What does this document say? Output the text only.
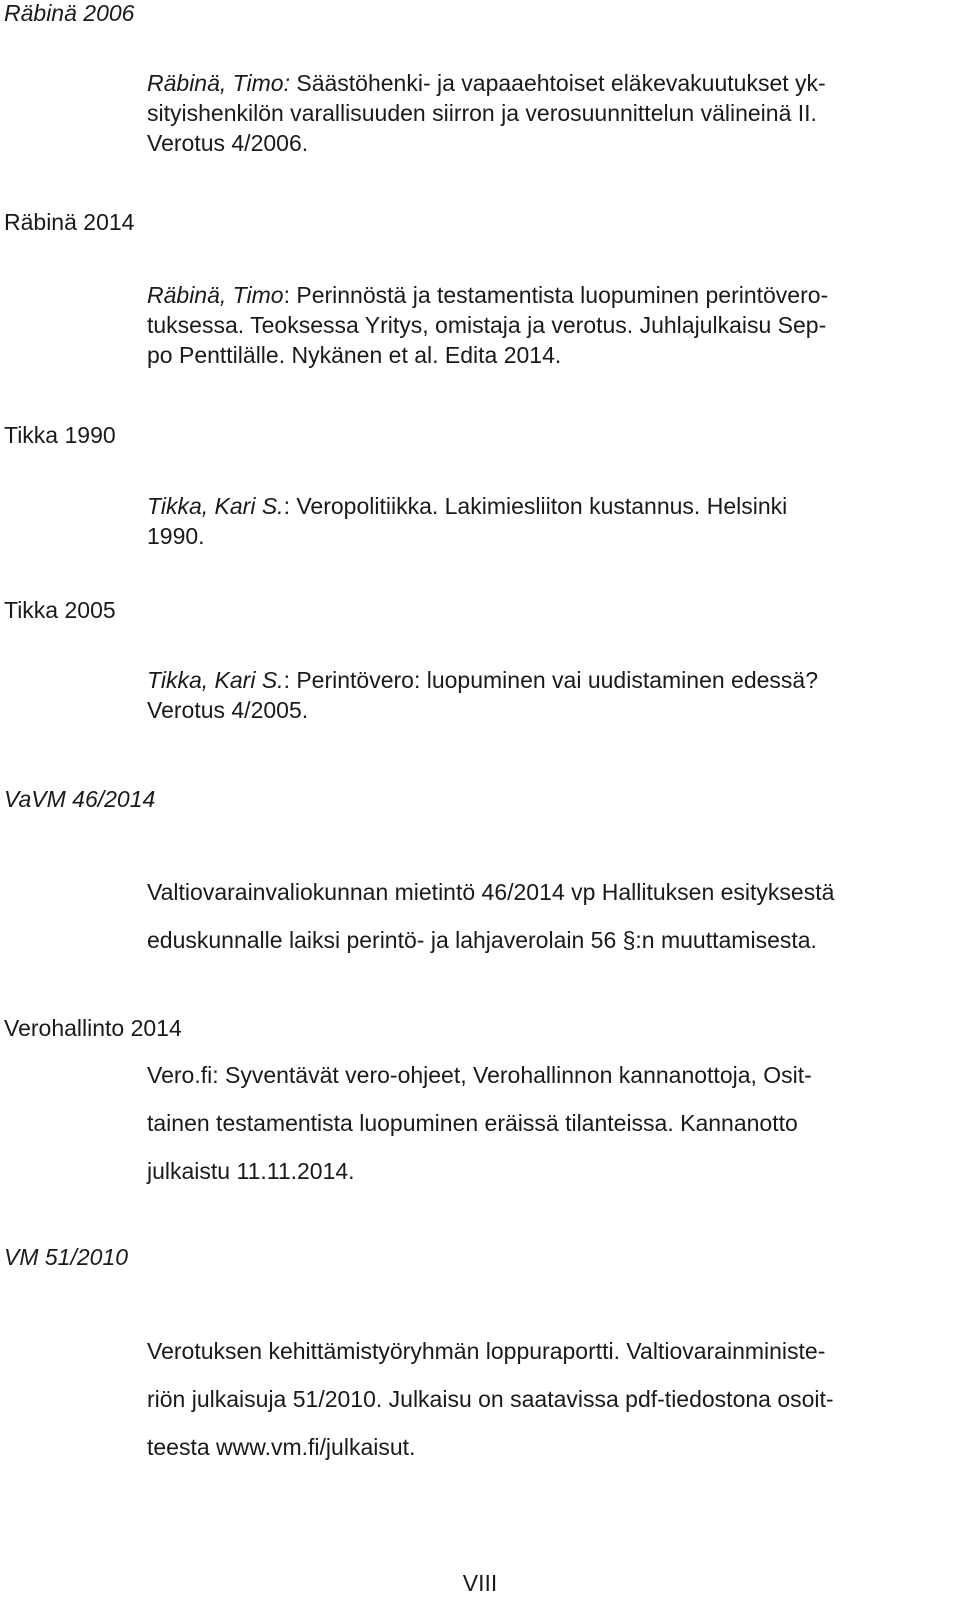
Räbinä 2006

Räbinä, Timo: Säästöhenki- ja vapaaehtoiset eläkevakuutukset yk-
sityishenkilön varallisuuden siirron ja verosuunnittelun välineinä II.
Verotus 4/2006.

Räbinä 2014

Räbinä, Timo: Perinnöstä ja testamentista luopuminen perintövero-
tuksessa. Teoksessa Yritys, omistaja ja verotus. Juhlajulkaisu Sep-
po Penttilälle. Nykänen et al. Edita 2014.

Tikka 1990

Tikka, Kari S.: Veropolitiikka. Lakimiesliiton kustannus. Helsinki
1990.

Tikka 2005

Tikka, Kari S.: Perintövero: luopuminen vai uudistaminen edessä?
Verotus 4/2005.

VaVM 46/2014

Valtiovarainvaliokunnan mietintö 46/2014 vp Hallituksen esityksestä
eduskunnalle laiksi perintö- ja lahjaverolain 56 §:n muuttamisesta.

Verohallinto 2014

Vero.fi: Syventävät vero-ohjeet, Verohallinnon kannanottoja, Osit-
tainen testamentista luopuminen eräissä tilanteissa. Kannanotto
julkaistu 11.11.2014.

VM 51/2010

Verotuksen kehittämistyöryhmän loppuraportti. Valtiovarainministe-
riön julkaisuja 51/2010. Julkaisu on saatavissa pdf-tiedostona osoit-
teesta www.vm.fi/julkaisut.

VIII
